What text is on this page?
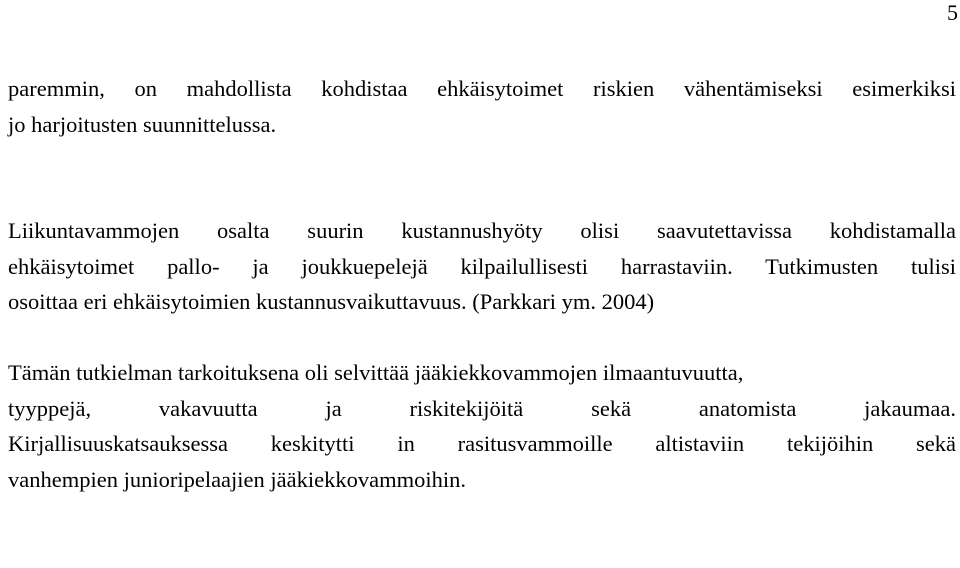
5
paremmin, on mahdollista kohdistaa ehkäisytoimet riskien vähentämiseksi esimerkiksi
jo harjoitusten suunnittelussa.
Liikuntavammojen osalta suurin kustannushyöty olisi saavutettavissa kohdistamalla
ehkäisytoimet pallo- ja joukkuepelejä kilpailullisesti harrastaviin. Tutkimusten tulisi
osoittaa eri ehkäisytoimien kustannusvaikuttavuus. (Parkkari ym. 2004)
Tämän tutkielman tarkoituksena oli selvittää jääkiekkovammojen ilmaantuvuutta,
tyyppejä, vakavuutta ja riskitekijöitä sekä anatomista jakaumaa.
Kirjallisuuskatsauksessa keskitytti in rasitusvammoille altistaviin tekijöihin sekä
vanhempien junioripelaajien jääkiekkovammoihin.
